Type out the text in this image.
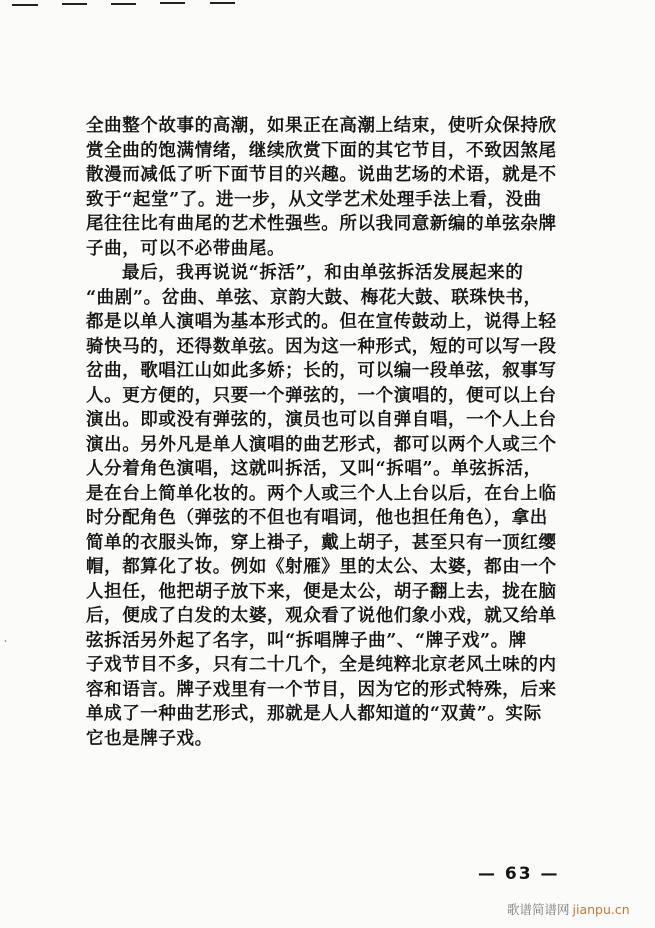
全曲整个故事的高潮，如果正在高潮上结束，使听众保持欣
赏全曲的饱满情绪，继续欣赏下面的其它节目，不致因煞尾
散漫而减低了听下面节目的兴趣。说曲艺场的术语，就是不
致于“起堂”了。进一步，从文学艺术处理手法上看，没曲
尾往往比有曲尾的艺术性强些。所以我同意新编的单弦杂牌
子曲，可以不必带曲尾。
最后，我再说说“拆活”，和由单弦拆活发展起来的
“曲剧”。岔曲、单弦、京韵大鼓、梅花大鼓、联珠快书，
都是以单人演唱为基本形式的。但在宣传鼓动上，说得上轻
骑快马的，还得数单弦。因为这一种形式，短的可以写一段
岔曲，歌唱江山如此多娇；长的，可以编一段单弦，叙事写
人。更方便的，只要一个弹弦的，一个演唱的，便可以上台
演出。即或没有弹弦的，演员也可以自弹自唱，一个人上台
演出。另外凡是单人演唱的曲艺形式，都可以两个人或三个
人分着角色演唱，这就叫拆活，又叫“拆唱”。单弦拆活，
是在台上简单化妆的。两个人或三个人上台以后，在台上临
时分配角色（弹弦的不但也有唱词，他也担任角色），拿出
简单的衣服头饰，穿上褂子，戴上胡子，甚至只有一顶红缨
帽，都算化了妆。例如《射雁》里的太公、太婆，都由一个
人担任，他把胡子放下来，便是太公，胡子翻上去，拢在脑
后，便成了白发的太婆，观众看了说他们象小戏，就又给单
弦拆活另外起了名字，叫“拆唱牌子曲”、“牌子戏”。牌
子戏节目不多，只有二十几个，全是纯粹北京老风土味的内
容和语言。牌子戏里有一个节目，因为它的形式特殊，后来
单成了一种曲艺形式，那就是人人都知道的“双黄”。实际
它也是牌子戏。
、
— 63 —
歌谱简谱网 jianpu.cn
